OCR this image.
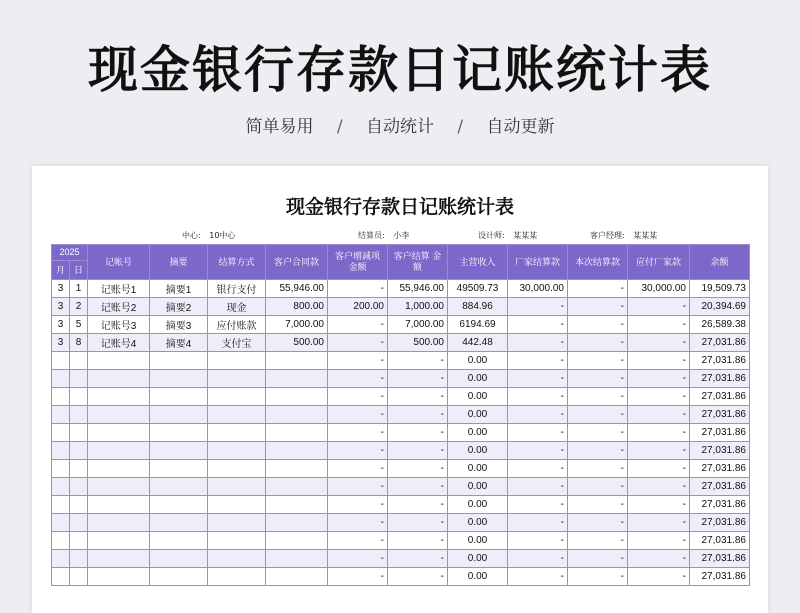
现金银行存款日记账统计表
简单易用 / 自动统计 / 自动更新
现金银行存款日记账统计表
中心: 10中心	结算员: 小李	设计师: 某某某	客户经理: 某某某
2025		记帐号	摘要	结算方式	客户合同款	客户增减项金额	客户结算 金额	主营收入	厂家结算款	本次结算款	应付厂家款	余额
月	日											
3	1	记账号1	摘要1	银行支付	55,946.00	-	55,946.00	49509.73	30,000.00	-	30,000.00	19,509.73
3	2	记账号2	摘要2	现金	800.00	200.00	1,000.00	884.96	-	-	-	20,394.69
3	5	记账号3	摘要3	应付账款	7,000.00	-	7,000.00	6194.69	-	-	-	26,589.38
3	8	记账号4	摘要4	支付宝	500.00	-	500.00	442.48	-	-	-	27,031.86
						-	-	0.00	-	-	-	27,031.86
						-	-	0.00	-	-	-	27,031.86
						-	-	0.00	-	-	-	27,031.86
						-	-	0.00	-	-	-	27,031.86
						-	-	0.00	-	-	-	27,031.86
						-	-	0.00	-	-	-	27,031.86
						-	-	0.00	-	-	-	27,031.86
						-	-	0.00	-	-	-	27,031.86
						-	-	0.00	-	-	-	27,031.86
						-	-	0.00	-	-	-	27,031.86
						-	-	0.00	-	-	-	27,031.86
						-	-	0.00	-	-	-	27,031.86
						-	-	0.00	-	-	-	27,031.86
